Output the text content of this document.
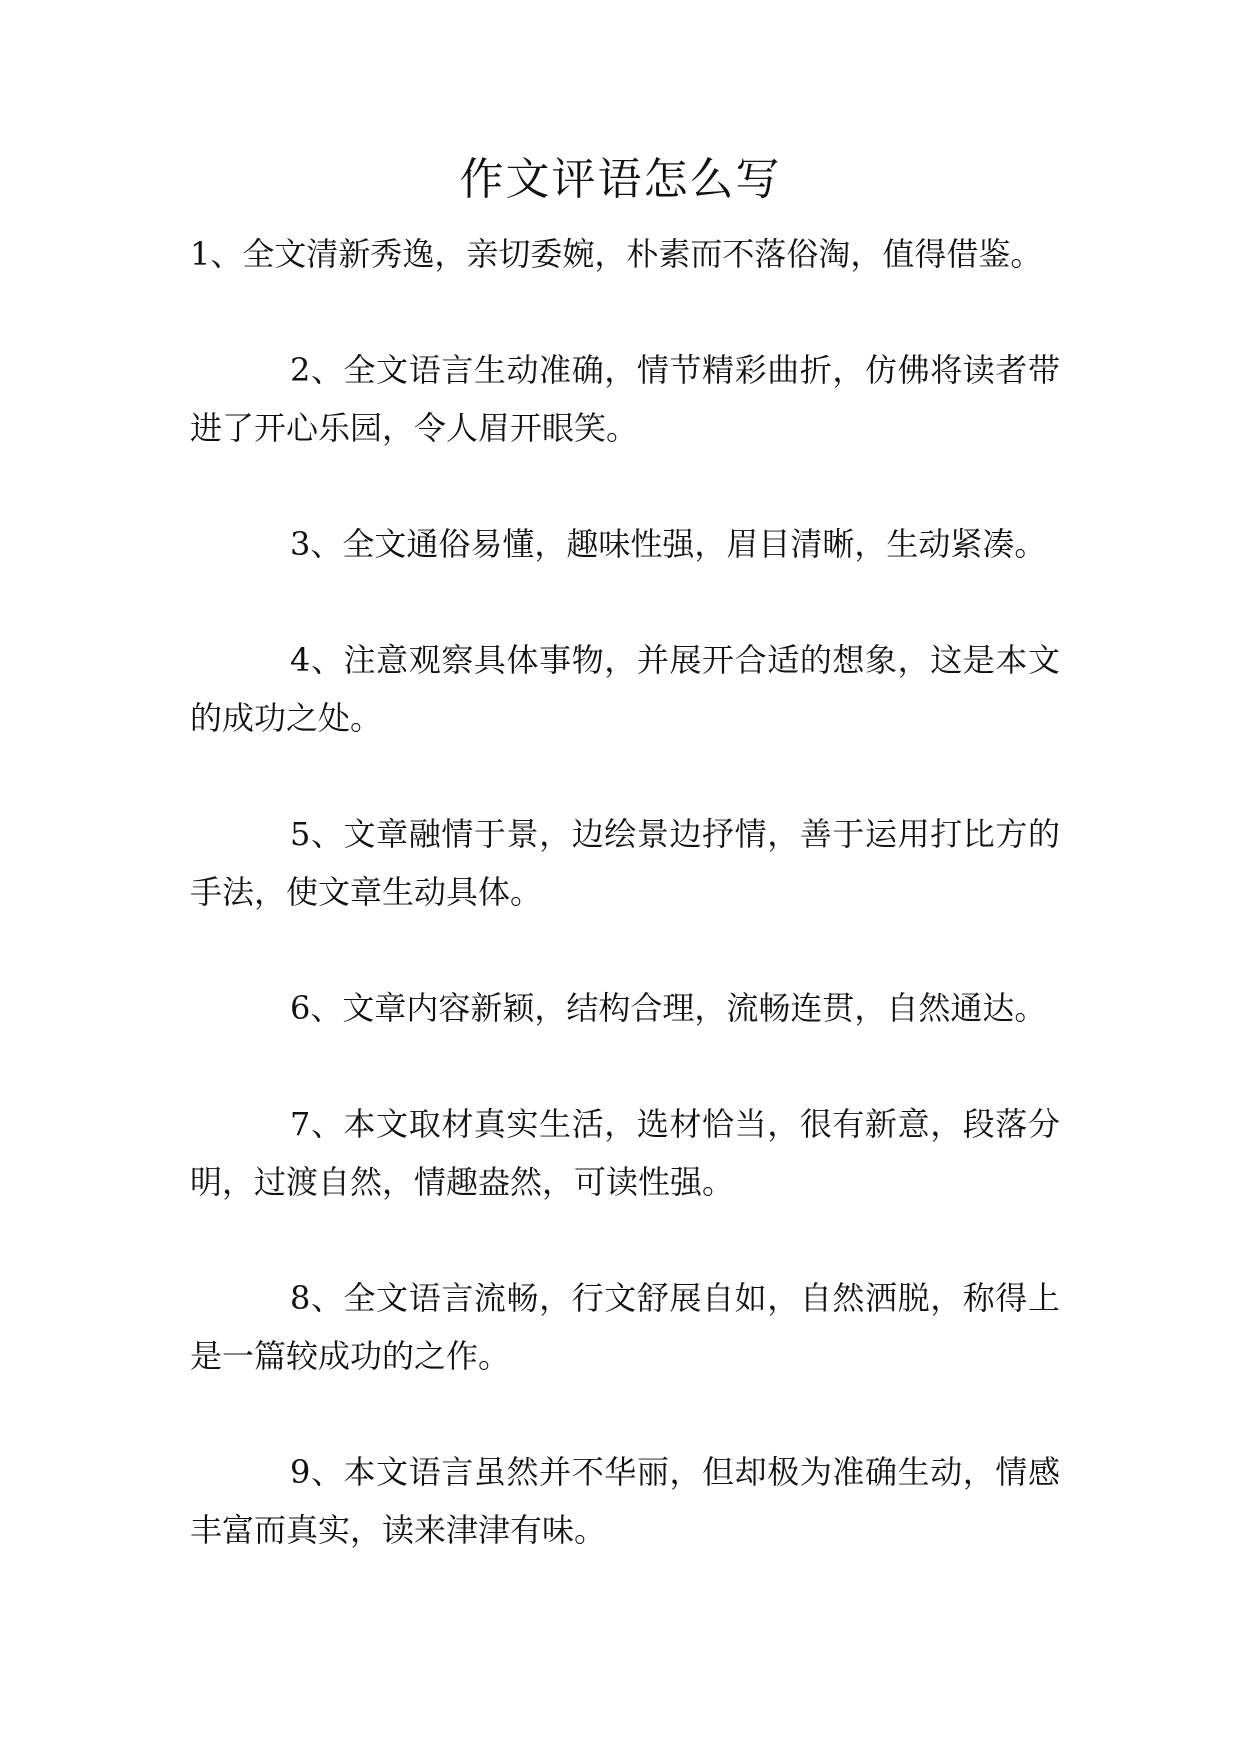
作文评语怎么写

1、全文清新秀逸，亲切委婉，朴素而不落俗淘，值得借鉴。

2、全文语言生动准确，情节精彩曲折，仿佛将读者带进了开心乐园，令人眉开眼笑。

3、全文通俗易懂，趣味性强，眉目清晰，生动紧凑。

4、注意观察具体事物，并展开合适的想象，这是本文的成功之处。

5、文章融情于景，边绘景边抒情，善于运用打比方的手法，使文章生动具体。

6、文章内容新颖，结构合理，流畅连贯，自然通达。

7、本文取材真实生活，选材恰当，很有新意，段落分明，过渡自然，情趣盎然，可读性强。

8、全文语言流畅，行文舒展自如，自然洒脱，称得上是一篇较成功的之作。

9、本文语言虽然并不华丽，但却极为准确生动，情感丰富而真实，读来津津有味。
